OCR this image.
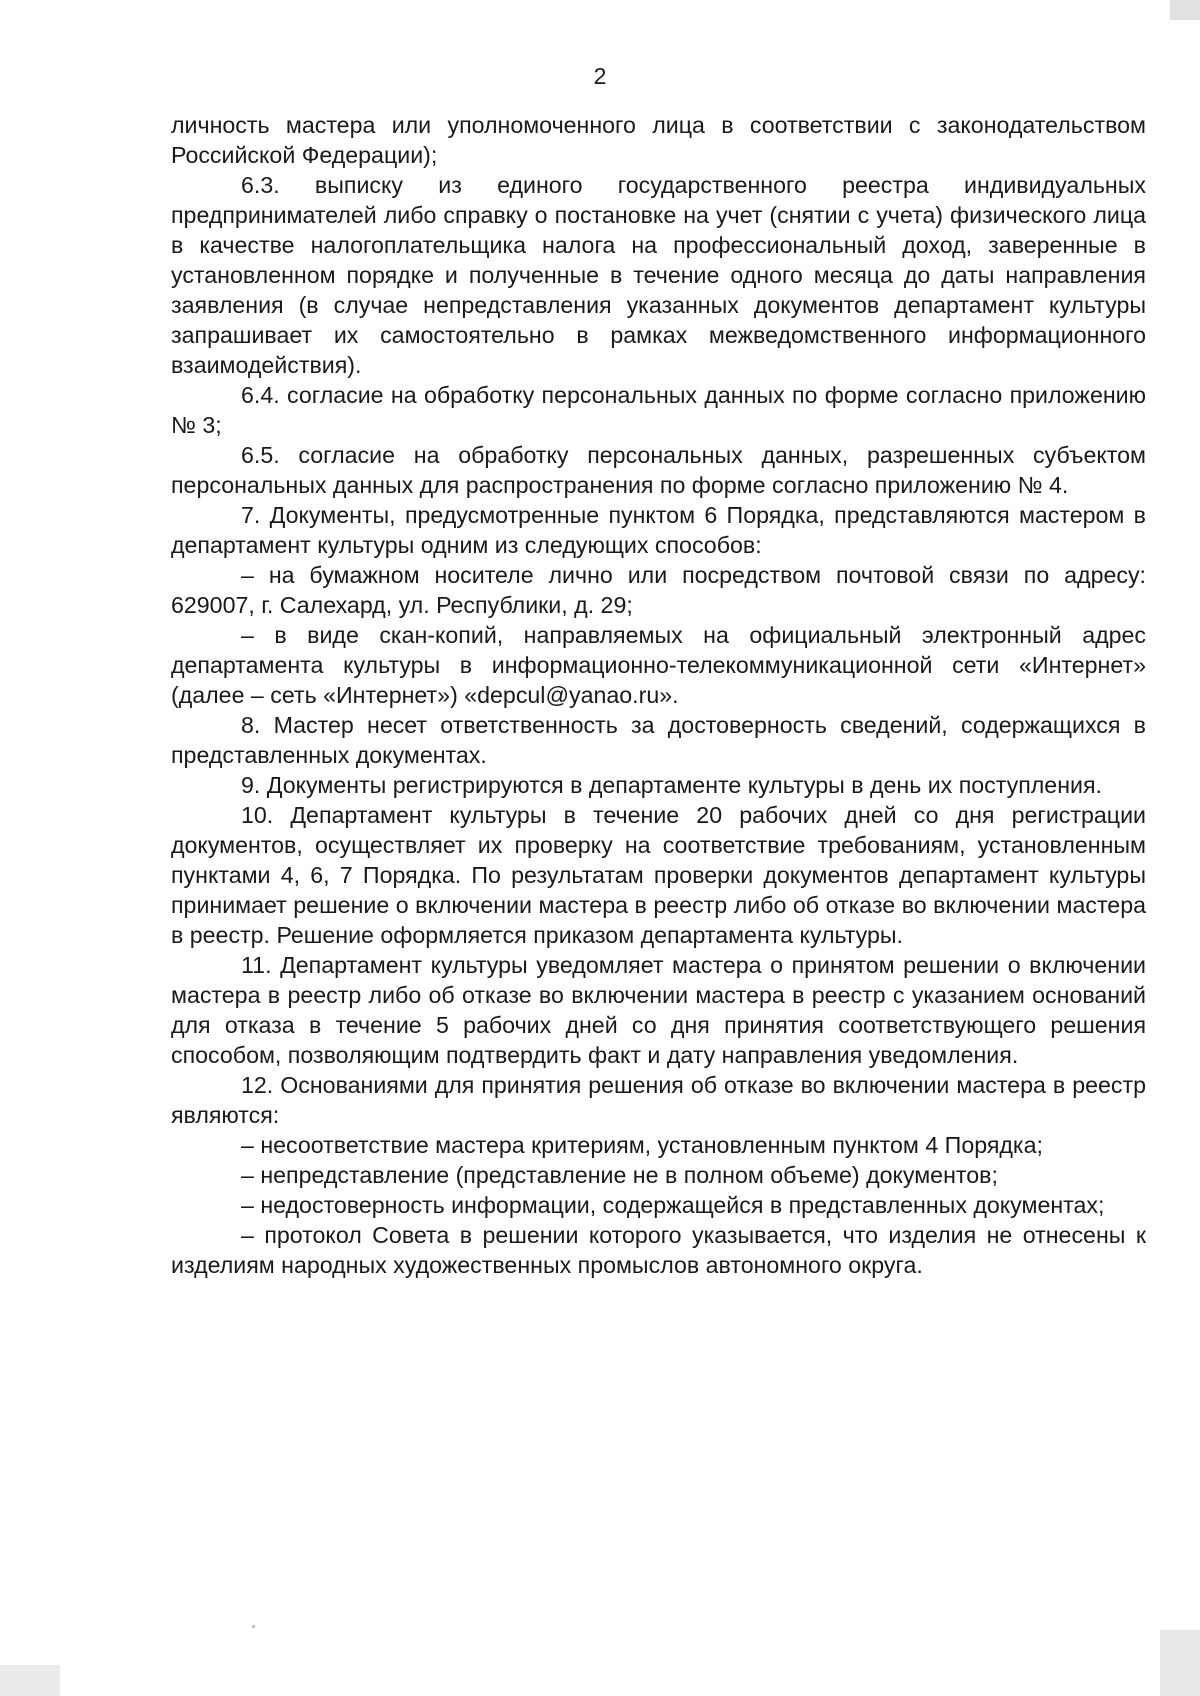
2

личность мастера или уполномоченного лица в соответствии с законодательством Российской Федерации);

6.3. выписку из единого государственного реестра индивидуальных предпринимателей либо справку о постановке на учет (снятии с учета) физического лица в качестве налогоплательщика налога на профессиональный доход, заверенные в установленном порядке и полученные в течение одного месяца до даты направления заявления (в случае непредставления указанных документов департамент культуры запрашивает их самостоятельно в рамках межведомственного информационного взаимодействия).

6.4. согласие на обработку персональных данных по форме согласно приложению № 3;

6.5. согласие на обработку персональных данных, разрешенных субъектом персональных данных для распространения по форме согласно приложению № 4.

7. Документы, предусмотренные пунктом 6 Порядка, представляются мастером в департамент культуры одним из следующих способов:

– на бумажном носителе лично или посредством почтовой связи по адресу: 629007, г. Салехард, ул. Республики, д. 29;

– в виде скан-копий, направляемых на официальный электронный адрес департамента культуры в информационно-телекоммуникационной сети «Интернет» (далее – сеть «Интернет») «depcul@yanao.ru».

8. Мастер несет ответственность за достоверность сведений, содержащихся в представленных документах.

9. Документы регистрируются в департаменте культуры в день их поступления.

10. Департамент культуры в течение 20 рабочих дней со дня регистрации документов, осуществляет их проверку на соответствие требованиям, установленным пунктами 4, 6, 7 Порядка. По результатам проверки документов департамент культуры принимает решение о включении мастера в реестр либо об отказе во включении мастера в реестр. Решение оформляется приказом департамента культуры.

11. Департамент культуры уведомляет мастера о принятом решении о включении мастера в реестр либо об отказе во включении мастера в реестр с указанием оснований для отказа в течение 5 рабочих дней со дня принятия соответствующего решения способом, позволяющим подтвердить факт и дату направления уведомления.

12. Основаниями для принятия решения об отказе во включении мастера в реестр являются:

– несоответствие мастера критериям, установленным пунктом 4 Порядка;

– непредставление (представление не в полном объеме) документов;

– недостоверность информации, содержащейся в представленных документах;

– протокол Совета в решении которого указывается, что изделия не отнесены к изделиям народных художественных промыслов автономного округа.
